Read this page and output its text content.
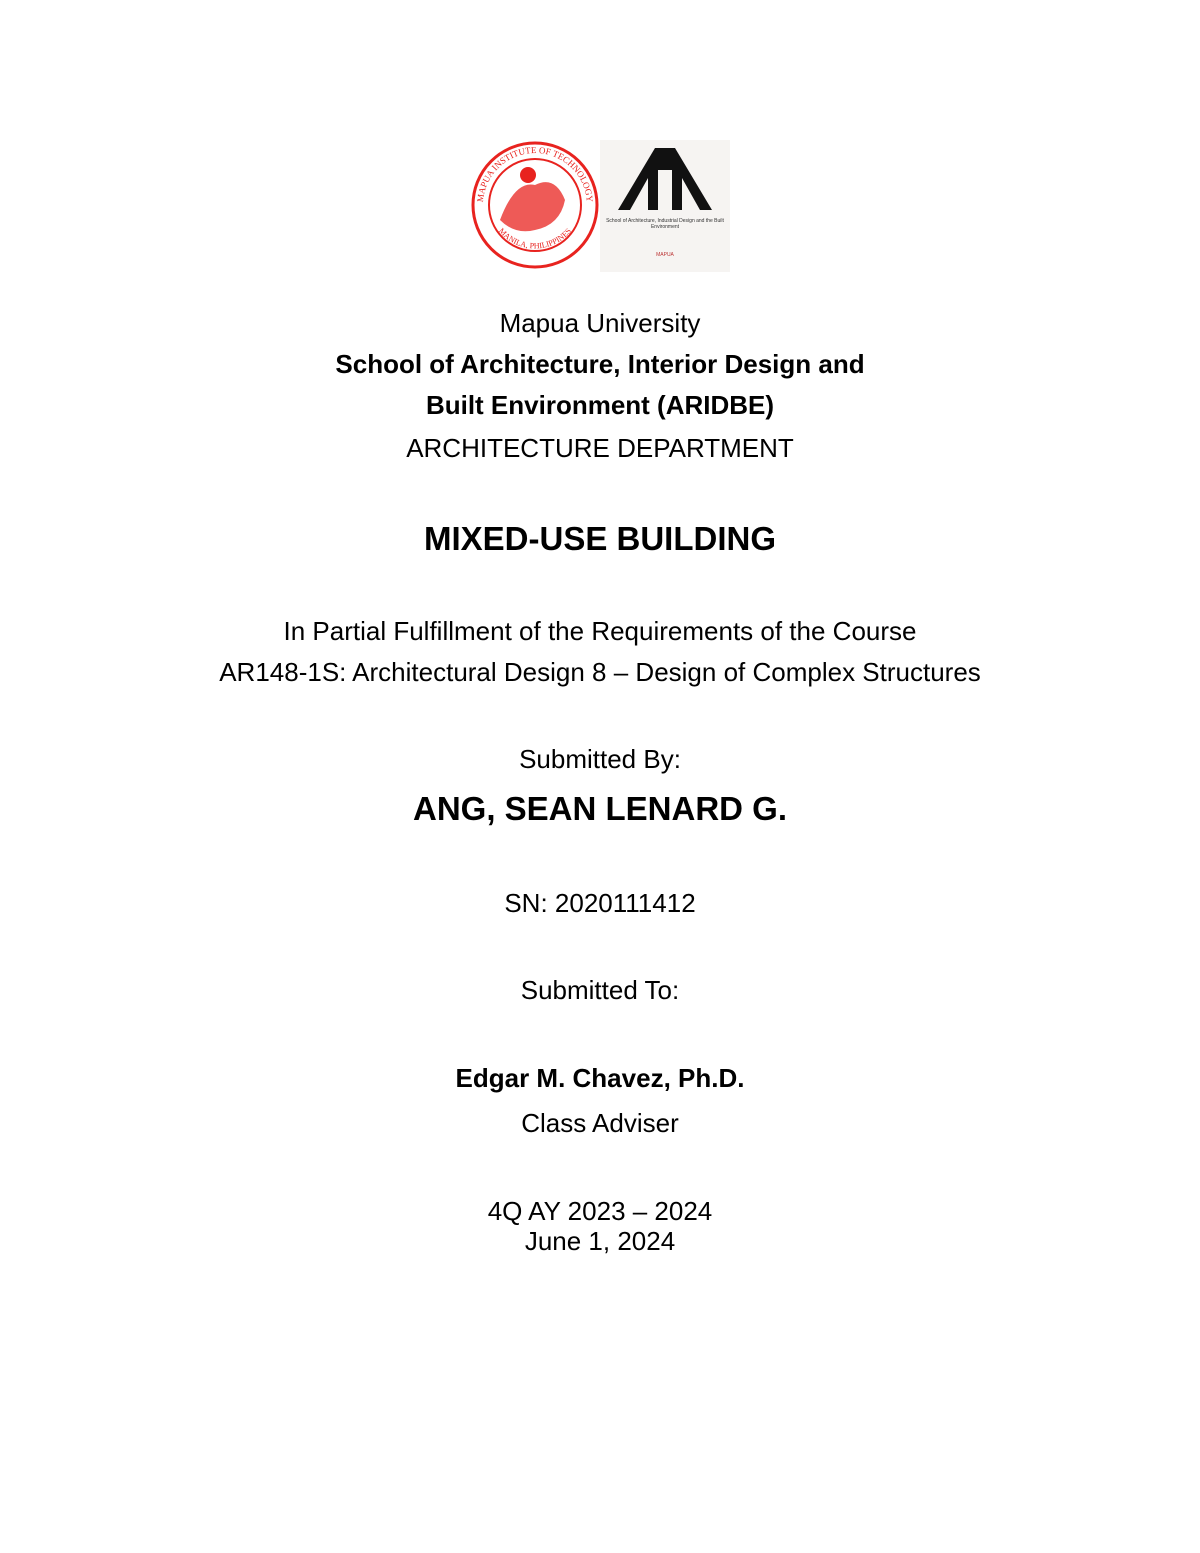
MAPUA INSTITUTE OF TECHNOLOGY
MANILA, PHILIPPINES
School of Architecture, Industrial Design and the Built Environment
MAPUA
Mapua University
School of Architecture, Interior Design and
Built Environment (ARIDBE)
ARCHITECTURE DEPARTMENT
MIXED-USE BUILDING
In Partial Fulfillment of the Requirements of the Course
AR148-1S: Architectural Design 8 – Design of Complex Structures
Submitted By:
ANG, SEAN LENARD G.
SN: 2020111412
Submitted To:
Edgar M. Chavez, Ph.D.
Class Adviser
4Q AY 2023 – 2024
June 1, 2024
